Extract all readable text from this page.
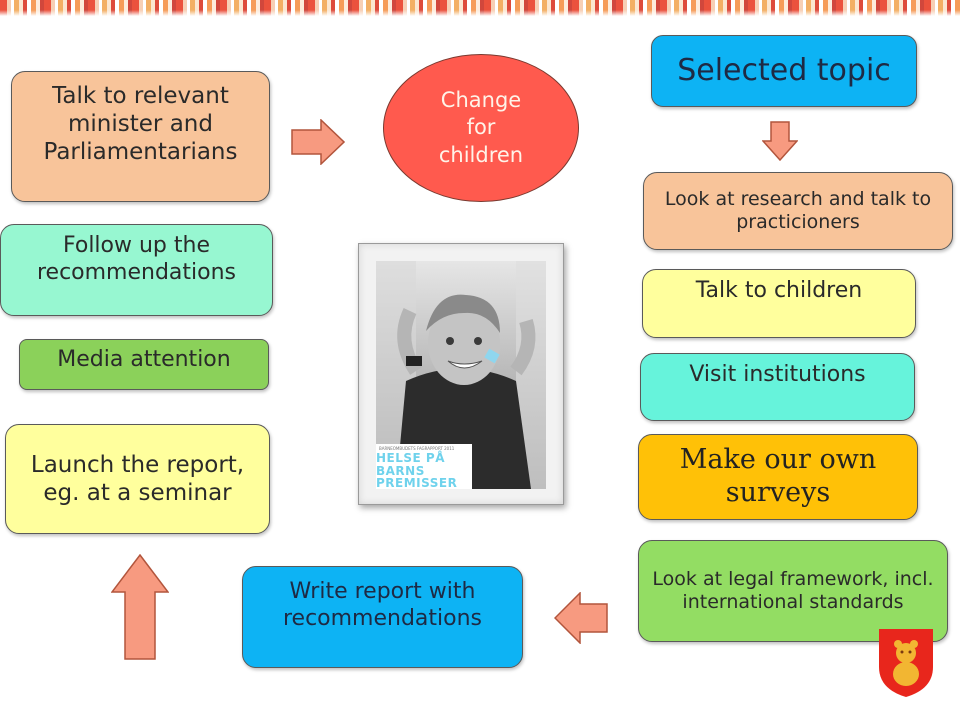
Change for children
Selected topic
Look at research and talk to practicioners
Talk to children
Visit institutions
Make our own surveys
Look at legal framework, incl. international standards
Write report with recommendations
Launch the report, eg. at a seminar
Media attention
Follow up the recommendations
Talk to relevant minister and Parliamentarians
BARNEOMBUDETS FAGRAPPORT 2011
HELSE PÅ
BARNS
PREMISSER
